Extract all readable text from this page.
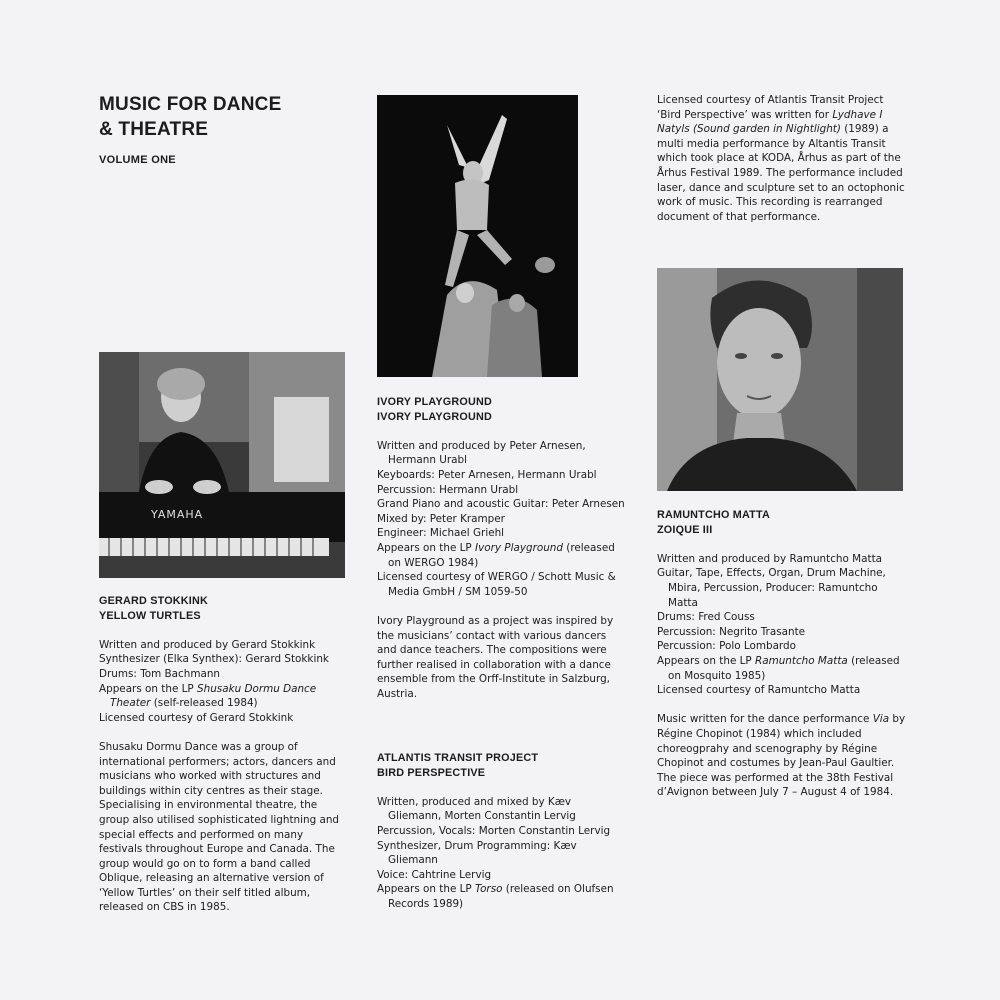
MUSIC FOR DANCE
& THEATRE
VOLUME ONE
YAMAHA
GERARD STOKKINK
YELLOW TURTLES
Written and produced by Gerard Stokkink
Synthesizer (Elka Synthex): Gerard Stokkink
Drums: Tom Bachmann
Appears on the LP Shusaku Dormu Dance Theater (self-released 1984)
Licensed courtesy of Gerard Stokkink

Shusaku Dormu Dance was a group of international performers; actors, dancers and musicians who worked with structures and buildings within city centres as their stage. Specialising in environmental theatre, the group also utilised sophisticated lightning and special effects and performed on many festivals throughout Europe and Canada. The group would go on to form a band called Oblique, releasing an alternative version of ‘Yellow Turtles’ on their self titled album, released on CBS in 1985.

IVORY PLAYGROUND
IVORY PLAYGROUND
Written and produced by Peter Arnesen, Hermann Urabl
Keyboards: Peter Arnesen, Hermann Urabl
Percussion: Hermann Urabl
Grand Piano and acoustic Guitar: Peter Arnesen
Mixed by: Peter Kramper
Engineer: Michael Griehl
Appears on the LP Ivory Playground (released on WERGO 1984)
Licensed courtesy of WERGO / Schott Music & Media GmbH / SM 1059-50

Ivory Playground as a project was inspired by the musicians’ contact with various dancers and dance teachers. The compositions were further realised in collaboration with a dance ensemble from the Orff-Institute in Salzburg, Austria.

ATLANTIS TRANSIT PROJECT
BIRD PERSPECTIVE
Written, produced and mixed by Kæv Gliemann, Morten Constantin Lervig
Percussion, Vocals: Morten Constantin Lervig
Synthesizer, Drum Programming: Kæv Gliemann
Voice: Cahtrine Lervig
Appears on the LP Torso (released on Olufsen Records 1989)

Licensed courtesy of Atlantis Transit Project

‘Bird Perspective’ was written for Lydhave I Natyls (Sound garden in Nightlight) (1989) a multi media performance by Altantis Transit which took place at KODA, Århus as part of the Århus Festival 1989. The performance included laser, dance and sculpture set to an octophonic work of music. This recording is rearranged document of that performance.

RAMUNTCHO MATTA
ZOIQUE III
Written and produced by Ramuntcho Matta
Guitar, Tape, Effects, Organ, Drum Machine, Mbira, Percussion, Producer: Ramuntcho Matta
Drums: Fred Couss
Percussion: Negrito Trasante
Percussion: Polo Lombardo
Appears on the LP Ramuntcho Matta (released on Mosquito 1985)
Licensed courtesy of Ramuntcho Matta

Music written for the dance performance Via by Régine Chopinot (1984) which included choreogprahy and scenography by Régine Chopinot and costumes by Jean-Paul Gaultier. The piece was performed at the 38th Festival d’Avignon between July 7 – August 4 of 1984.
